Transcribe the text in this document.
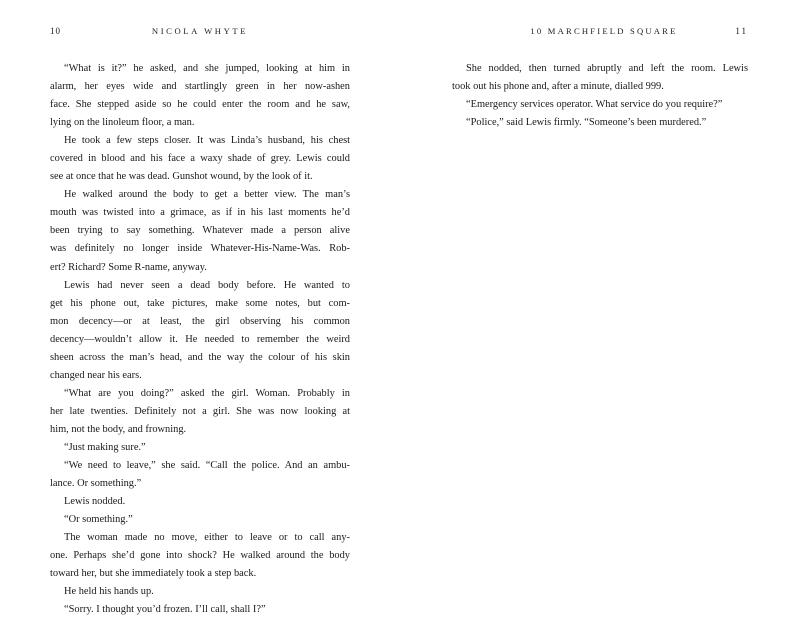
10	NICOLA WHYTE
“What is it?” he asked, and she jumped, looking at him in
alarm, her eyes wide and startlingly green in her now-ashen
face. She stepped aside so he could enter the room and he saw,
lying on the linoleum floor, a man.
He took a few steps closer. It was Linda’s husband, his chest
covered in blood and his face a waxy shade of grey. Lewis could
see at once that he was dead. Gunshot wound, by the look of it.
He walked around the body to get a better view. The man’s
mouth was twisted into a grimace, as if in his last moments he’d
been trying to say something. Whatever made a person alive
was definitely no longer inside Whatever-His-Name-Was. Rob-
ert? Richard? Some R-name, anyway.
Lewis had never seen a dead body before. He wanted to
get his phone out, take pictures, make some notes, but com-
mon decency—or at least, the girl observing his common
decency—wouldn’t allow it. He needed to remember the weird
sheen across the man’s head, and the way the colour of his skin
changed near his ears.
“What are you doing?” asked the girl. Woman. Probably in
her late twenties. Definitely not a girl. She was now looking at
him, not the body, and frowning.
“Just making sure.”
“We need to leave,” she said. “Call the police. And an ambu-
lance. Or something.”
Lewis nodded.
“Or something.”
The woman made no move, either to leave or to call any-
one. Perhaps she’d gone into shock? He walked around the body
toward her, but she immediately took a step back.
He held his hands up.
“Sorry. I thought you’d frozen. I’ll call, shall I?”
10 MARCHFIELD SQUARE	11
She nodded, then turned abruptly and left the room. Lewis
took out his phone and, after a minute, dialled 999.
“Emergency services operator. What service do you require?”
“Police,” said Lewis firmly. “Someone’s been murdered.”
